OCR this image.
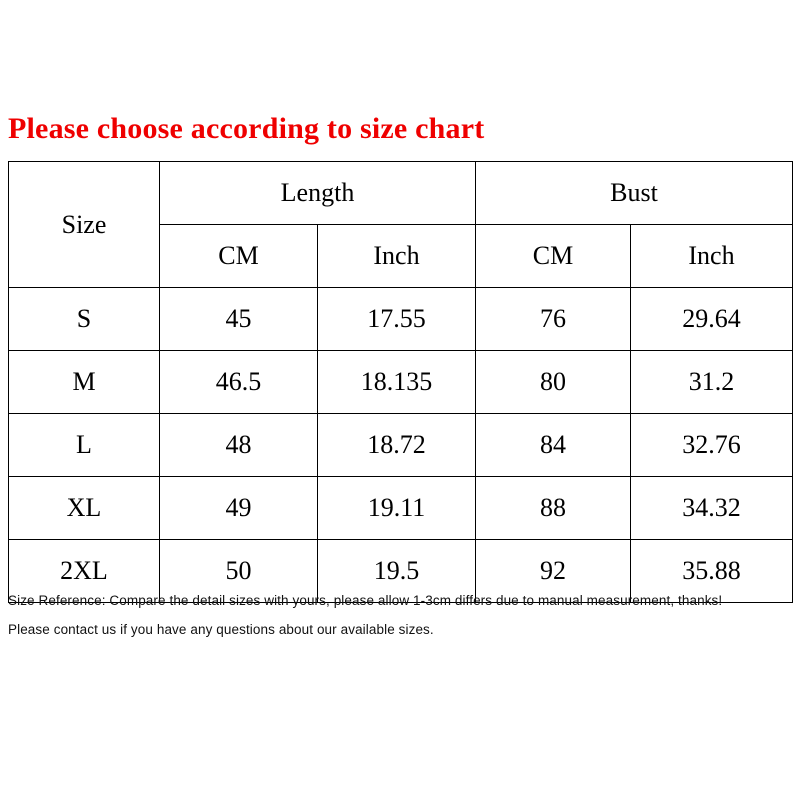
Please choose according to size chart
Size	Length		Bust	
	CM	Inch	CM	Inch
S	45	17.55	76	29.64
M	46.5	18.135	80	31.2
L	48	18.72	84	32.76
XL	49	19.11	88	34.32
2XL	50	19.5	92	35.88
Size Reference: Compare the detail sizes with yours, please allow 1-3cm differs due to manual measurement, thanks!
Please contact us if you have any questions about our available sizes.
